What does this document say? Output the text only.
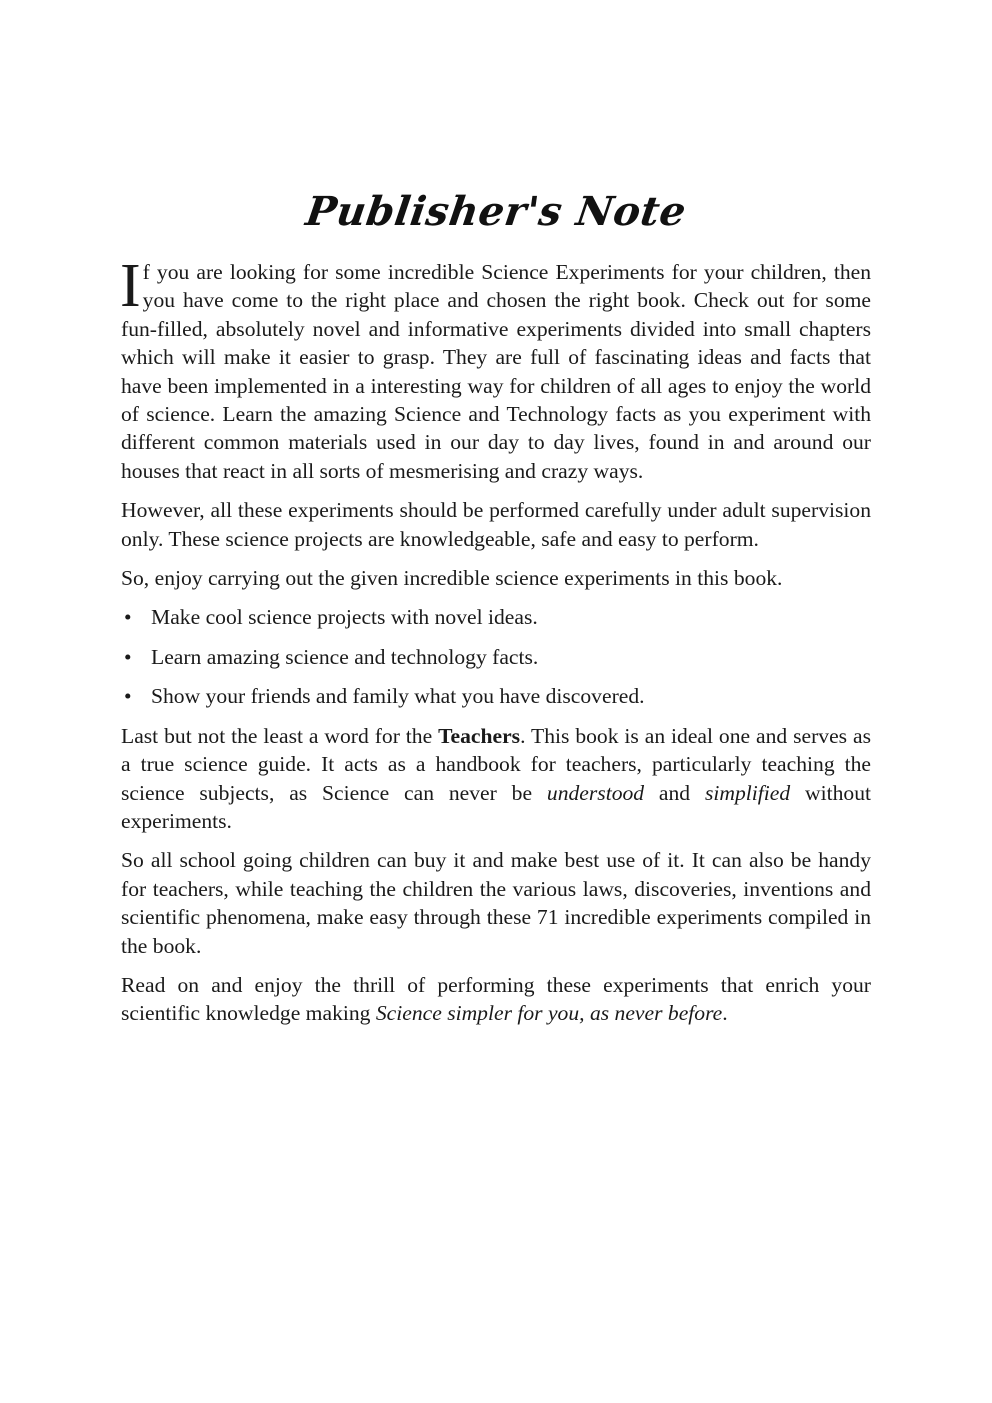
Publisher's Note

If you are looking for some incredible Science Experiments for your children, then you have come to the right place and chosen the right book. Check out for some fun-filled, absolutely novel and informative experiments divided into small chapters which will make it easier to grasp. They are full of fascinating ideas and facts that have been implemented in a interesting way for children of all ages to enjoy the world of science. Learn the amazing Science and Technology facts as you experiment with different common materials used in our day to day lives, found in and around our houses that react in all sorts of mesmerising and crazy ways.

However, all these experiments should be performed carefully under adult supervision only. These science projects are knowledgeable, safe and easy to perform.

So, enjoy carrying out the given incredible science experiments in this book.

• Make cool science projects with novel ideas.
• Learn amazing science and technology facts.
• Show your friends and family what you have discovered.

Last but not the least a word for the Teachers. This book is an ideal one and serves as a true science guide. It acts as a handbook for teachers, particularly teaching the science subjects, as Science can never be understood and simplified without experiments.

So all school going children can buy it and make best use of it. It can also be handy for teachers, while teaching the children the various laws, discoveries, inventions and scientific phenomena, make easy through these 71 incredible experiments compiled in the book.

Read on and enjoy the thrill of performing these experiments that enrich your scientific knowledge making Science simpler for you, as never before.
